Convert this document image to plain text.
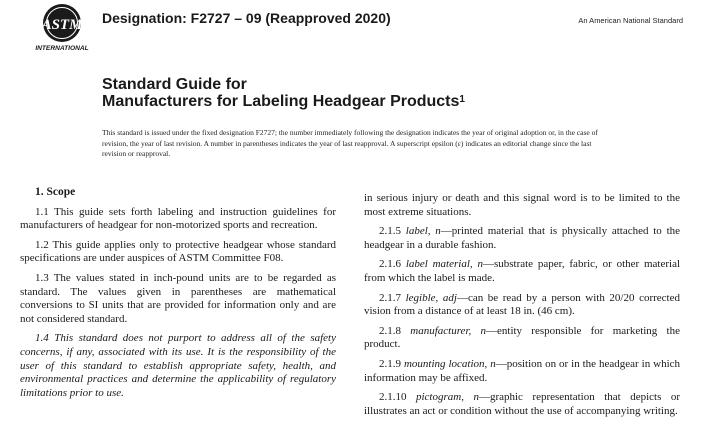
ASTM
INTERNATIONAL
Designation: F2727 – 09 (Reapproved 2020)	An American National Standard
Standard Guide for
Manufacturers for Labeling Headgear Products$^1$
This standard is issued under the fixed designation F2727; the number immediately following the designation indicates the year of original adoption or, in the case of revision, the year of last revision. A number in parentheses indicates the year of last reapproval. A superscript epsilon (ε) indicates an editorial change since the last revision or reapproval.

1. Scope

1.1 This guide sets forth labeling and instruction guidelines for manufacturers of headgear for non-motorized sports and recreation.

1.2 This guide applies only to protective headgear whose standard specifications are under auspices of ASTM Committee F08.

1.3 The values stated in inch-pound units are to be regarded as standard. The values given in parentheses are mathematical conversions to SI units that are provided for information only and are not considered standard.

1.4 This standard does not purport to address all of the safety concerns, if any, associated with its use. It is the responsibility of the user of this standard to establish appropriate safety, health, and environmental practices and determine the applicability of regulatory limitations prior to use.

in serious injury or death and this signal word is to be limited to the most extreme situations.

2.1.5 label, n—printed material that is physically attached to the headgear in a durable fashion.

2.1.6 label material, n—substrate paper, fabric, or other material from which the label is made.

2.1.7 legible, adj—can be read by a person with 20/20 corrected vision from a distance of at least 18 in. (46 cm).

2.1.8 manufacturer, n—entity responsible for marketing the product.

2.1.9 mounting location, n—position on or in the headgear in which information may be affixed.

2.1.10 pictogram, n—graphic representation that depicts or illustrates an act or condition without the use of accompanying writing.
